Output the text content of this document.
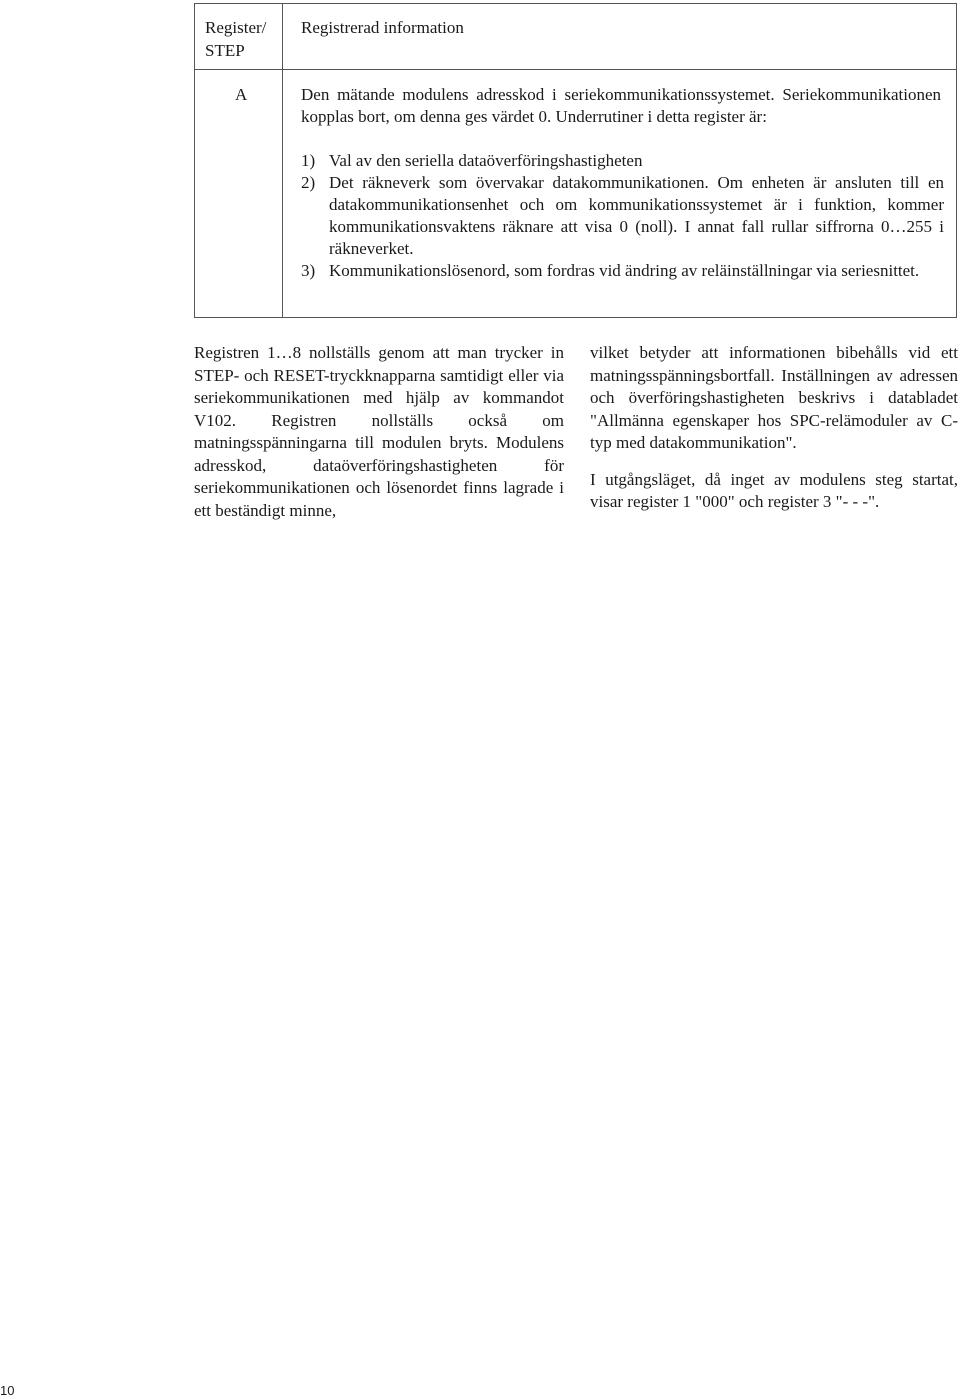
Register/ STEP
Registrerad information
A	Den mätande modulens adresskod i seriekommunikationssystemet. Seriekommunikationen kopplas bort, om denna ges värdet 0. Underrutiner i detta register är:

1) Val av den seriella dataöverföringshastigheten
2) Det räkneverk som övervakar datakommunikationen. Om enheten är ansluten till en datakommunikationsenhet och om kommunikationssystemet är i funktion, kommer kommunikationsvaktens räknare att visa 0 (noll). I annat fall rullar siffrorna 0…255 i räkneverket.
3) Kommunikationslösenord, som fordras vid ändring av reläinställningar via seriesnittet.

Registren 1…8 nollställs genom att man trycker in STEP- och RESET-tryckknapparna samtidigt eller via seriekommunikationen med hjälp av kommandot V102. Registren nollställs också om matningsspänningarna till modulen bryts. Modulens adresskod, dataöverföringshastigheten för seriekommunikationen och lösenordet finns lagrade i ett beständigt minne,

vilket betyder att informationen bibehålls vid ett matningsspänningsbortfall. Inställningen av adressen och överföringshastigheten beskrivs i databladet "Allmänna egenskaper hos SPC-relämoduler av C-typ med datakommunikation".

I utgångsläget, då inget av modulens steg startat, visar register 1 "000" och register 3 "- - -".

10
